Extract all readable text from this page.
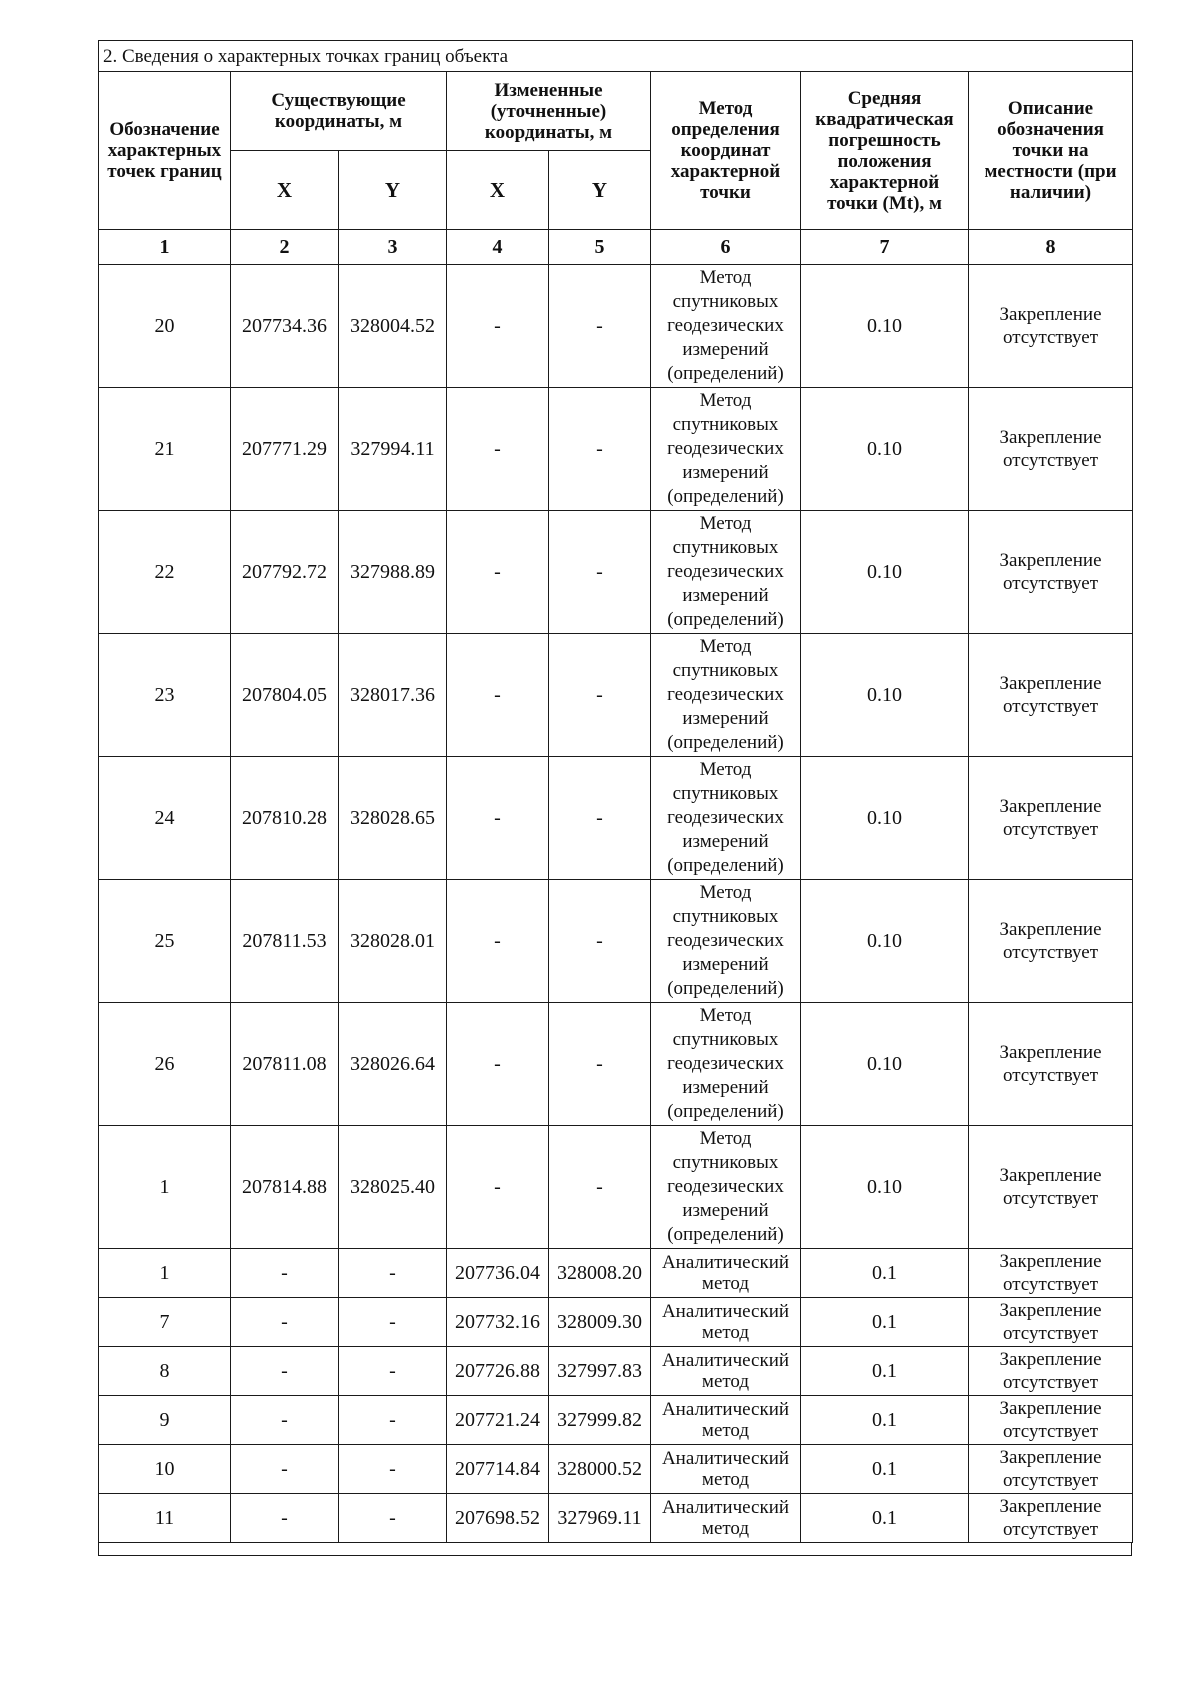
2. Сведения о характерных точках границ объекта							
Обозначение характерных точек границ	Существующие координаты, м		Измененные (уточненные) координаты, м		Метод определения координат характерной точки	Средняя квадратическая погрешность положения характерной точки (Mt), м	Описание обозначения точки на местности (при наличии)
	X	Y	X	Y			
1	2	3	4	5	6	7	8
20	207734.36	328004.52	-	-	Метод спутниковых геодезических измерений (определений)	0.10	Закрепление отсутствует
21	207771.29	327994.11	-	-	Метод спутниковых геодезических измерений (определений)	0.10	Закрепление отсутствует
22	207792.72	327988.89	-	-	Метод спутниковых геодезических измерений (определений)	0.10	Закрепление отсутствует
23	207804.05	328017.36	-	-	Метод спутниковых геодезических измерений (определений)	0.10	Закрепление отсутствует
24	207810.28	328028.65	-	-	Метод спутниковых геодезических измерений (определений)	0.10	Закрепление отсутствует
25	207811.53	328028.01	-	-	Метод спутниковых геодезических измерений (определений)	0.10	Закрепление отсутствует
26	207811.08	328026.64	-	-	Метод спутниковых геодезических измерений (определений)	0.10	Закрепление отсутствует
1	207814.88	328025.40	-	-	Метод спутниковых геодезических измерений (определений)	0.10	Закрепление отсутствует
1	-	-	207736.04	328008.20	Аналитический метод	0.1	Закрепление отсутствует
7	-	-	207732.16	328009.30	Аналитический метод	0.1	Закрепление отсутствует
8	-	-	207726.88	327997.83	Аналитический метод	0.1	Закрепление отсутствует
9	-	-	207721.24	327999.82	Аналитический метод	0.1	Закрепление отсутствует
10	-	-	207714.84	328000.52	Аналитический метод	0.1	Закрепление отсутствует
11	-	-	207698.52	327969.11	Аналитический метод	0.1	Закрепление отсутствует
